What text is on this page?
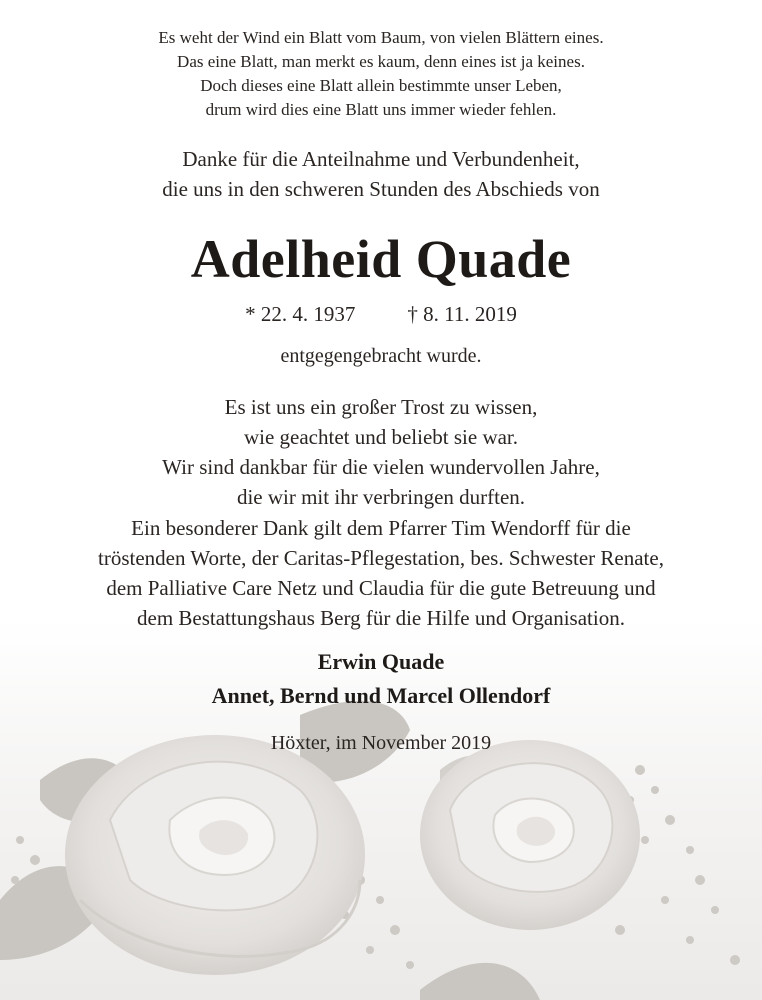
Es weht der Wind ein Blatt vom Baum, von vielen Blättern eines.
Das eine Blatt, man merkt es kaum, denn eines ist ja keines.
Doch dieses eine Blatt allein bestimmte unser Leben,
drum wird dies eine Blatt uns immer wieder fehlen.
Danke für die Anteilnahme und Verbundenheit,
die uns in den schweren Stunden des Abschieds von
Adelheid Quade
* 22. 4. 1937 † 8. 11. 2019
entgegengebracht wurde.
Es ist uns ein großer Trost zu wissen,
wie geachtet und beliebt sie war.
Wir sind dankbar für die vielen wundervollen Jahre,
die wir mit ihr verbringen durften.
Ein besonderer Dank gilt dem Pfarrer Tim Wendorff für die
tröstenden Worte, der Caritas-Pflegestation, bes. Schwester Renate,
dem Palliative Care Netz und Claudia für die gute Betreuung und
dem Bestattungshaus Berg für die Hilfe und Organisation.
Erwin Quade
Annet, Bernd und Marcel Ollendorf
Höxter, im November 2019
